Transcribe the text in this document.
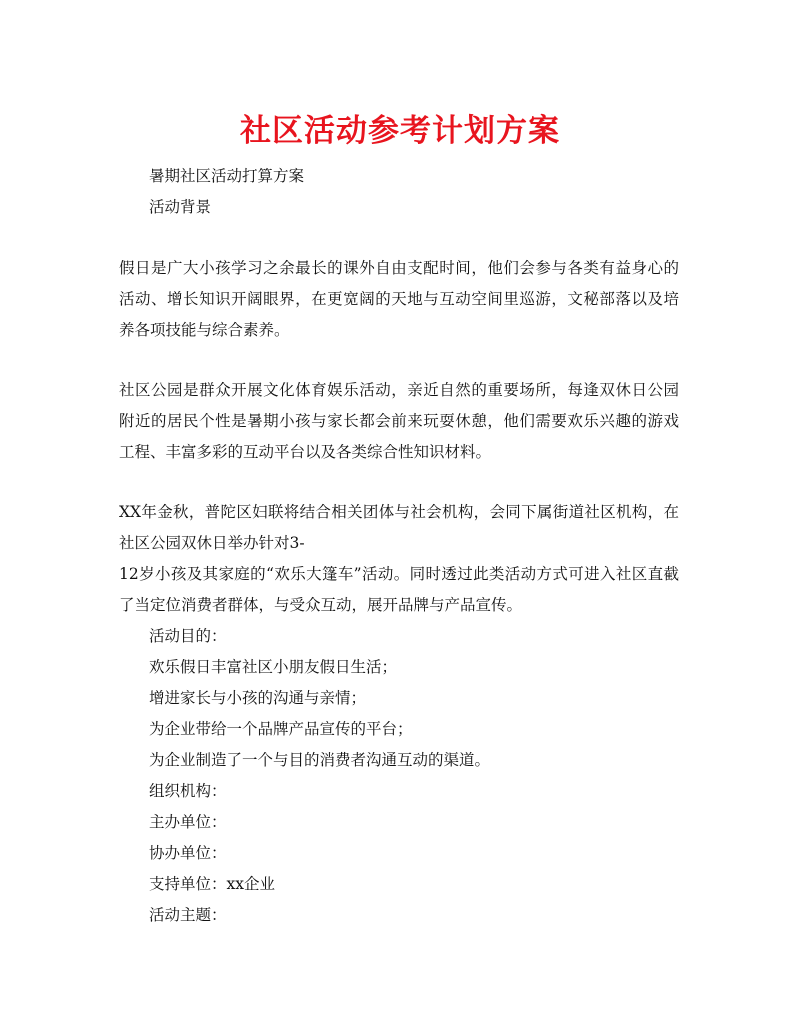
社区活动参考计划方案
暑期社区活动打算方案
活动背景
假日是广大小孩学习之余最长的课外自由支配时间，他们会参与各类有益身心的
活动、增长知识开阔眼界，在更宽阔的天地与互动空间里巡游，文秘部落以及培
养各项技能与综合素养。
社区公园是群众开展文化体育娱乐活动，亲近自然的重要场所，每逢双休日公园
附近的居民个性是暑期小孩与家长都会前来玩耍休憩，他们需要欢乐兴趣的游戏
工程、丰富多彩的互动平台以及各类综合性知识材料。
XX年金秋，普陀区妇联将结合相关团体与社会机构，会同下属街道社区机构，在
社区公园双休日举办针对3-
12岁小孩及其家庭的“欢乐大篷车”活动。同时透过此类活动方式可进入社区直截
了当定位消费者群体，与受众互动，展开品牌与产品宣传。
活动目的：
欢乐假日丰富社区小朋友假日生活；
增进家长与小孩的沟通与亲情；
为企业带给一个品牌产品宣传的平台；
为企业制造了一个与目的消费者沟通互动的渠道。
组织机构：
主办单位：
协办单位：
支持单位：xx企业
活动主题：
